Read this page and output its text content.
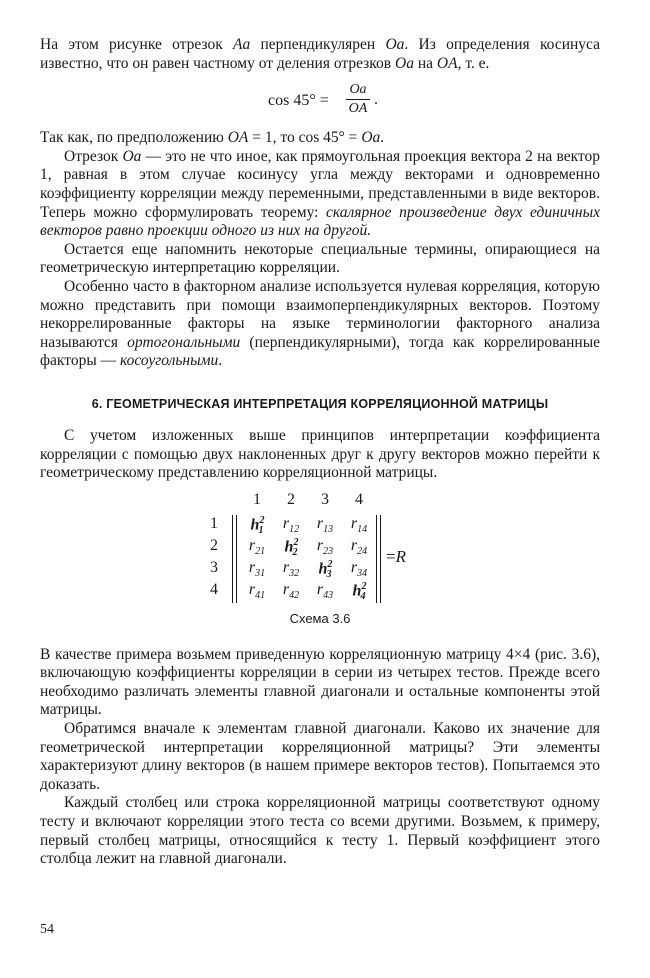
На этом рисунке отрезок Aa перпендикулярен Oa. Из определения косинуса известно, что он равен частному от деления отрезков Oa на OA, т. е.

$\cos 45^\circ = \frac{Oa}{OA}$ .

Так как, по предположению OA = 1, то cos 45° = Oa.

Отрезок Oa — это не что иное, как прямоугольная проекция вектора 2 на вектор 1, равная в этом случае косинусу угла между векторами и одновременно коэффициенту корреляции между переменными, представленными в виде векторов. Теперь можно сформулировать теорему: скалярное произведение двух единичных векторов равно проекции одного из них на другой.

Остается еще напомнить некоторые специальные термины, опирающиеся на геометрическую интерпретацию корреляции.

Особенно часто в факторном анализе используется нулевая корреляция, которую можно представить при помощи взаимоперпендикулярных векторов. Поэтому некоррелированные факторы на языке терминологии факторного анализа называются ортогональными (перпендикулярными), тогда как коррелированные факторы — косоугольными.

6. ГЕОМЕТРИЧЕСКАЯ ИНТЕРПРЕТАЦИЯ КОРРЕЛЯЦИОННОЙ МАТРИЦЫ

С учетом изложенных выше принципов интерпретации коэффициента корреляции с помощью двух наклоненных друг к другу векторов можно перейти к геометрическому представлению корреляционной матрицы.

=R
1	2	3	4
1
2
3
4
$h^2_1$	$r_{12}$	$r_{13}$	$r_{14}$
$r_{21}$	$h^2_2$	$r_{23}$	$r_{24}$
$r_{31}$	$r_{32}$	$h^2_3$	$r_{34}$
$r_{41}$	$r_{42}$	$r_{43}$	$h^2_4$
Схема 3.6

В качестве примера возьмем приведенную корреляционную матрицу 4×4 (рис. 3.6), включающую коэффициенты корреляции в серии из четырех тестов. Прежде всего необходимо различать элементы главной диагонали и остальные компоненты этой матрицы.

Обратимся вначале к элементам главной диагонали. Каково их значение для геометрической интерпретации корреляционной матрицы? Эти элементы характеризуют длину векторов (в нашем примере векторов тестов). Попытаемся это доказать.

Каждый столбец или строка корреляционной матрицы соответствуют одному тесту и включают корреляции этого теста со всеми другими. Возьмем, к примеру, первый столбец матрицы, относящийся к тесту 1. Первый коэффициент этого столбца лежит на главной диагонали.

54
